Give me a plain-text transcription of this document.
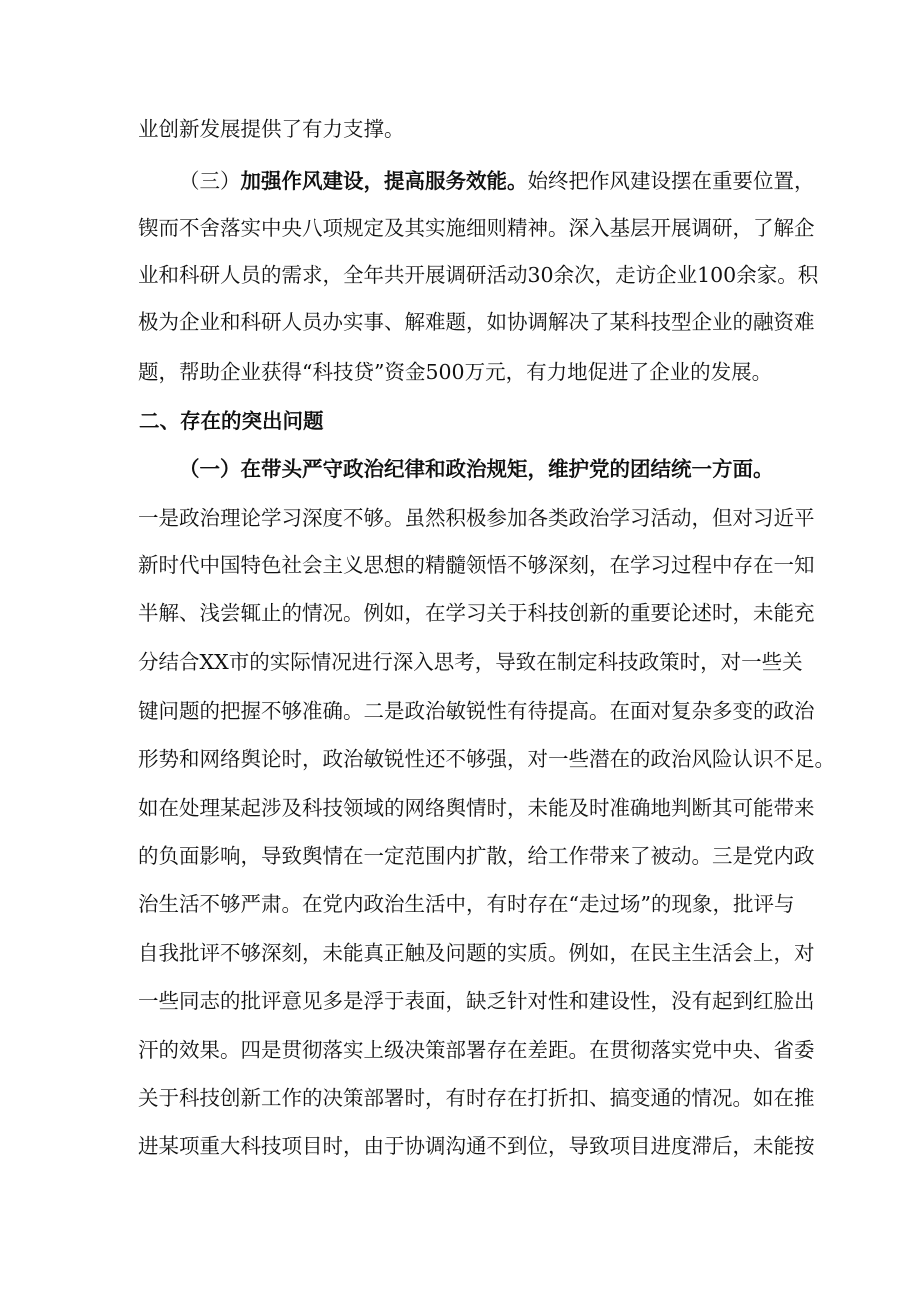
业创新发展提供了有力支撑。
（三）加强作风建设，提高服务效能。始终把作风建设摆在重要位置，
锲而不舍落实中央八项规定及其实施细则精神。深入基层开展调研，了解企
业和科研人员的需求，全年共开展调研活动30余次，走访企业100余家。积
极为企业和科研人员办实事、解难题，如协调解决了某科技型企业的融资难
题，帮助企业获得“科技贷”资金500万元，有力地促进了企业的发展。
二、存在的突出问题
（一）在带头严守政治纪律和政治规矩，维护党的团结统一方面。
一是政治理论学习深度不够。虽然积极参加各类政治学习活动，但对习近平
新时代中国特色社会主义思想的精髓领悟不够深刻，在学习过程中存在一知
半解、浅尝辄止的情况。例如，在学习关于科技创新的重要论述时，未能充
分结合XX市的实际情况进行深入思考，导致在制定科技政策时，对一些关
键问题的把握不够准确。二是政治敏锐性有待提高。在面对复杂多变的政治
形势和网络舆论时，政治敏锐性还不够强，对一些潜在的政治风险认识不足。
如在处理某起涉及科技领域的网络舆情时，未能及时准确地判断其可能带来
的负面影响，导致舆情在一定范围内扩散，给工作带来了被动。三是党内政
治生活不够严肃。在党内政治生活中，有时存在“走过场”的现象，批评与
自我批评不够深刻，未能真正触及问题的实质。例如，在民主生活会上，对
一些同志的批评意见多是浮于表面，缺乏针对性和建设性，没有起到红脸出
汗的效果。四是贯彻落实上级决策部署存在差距。在贯彻落实党中央、省委
关于科技创新工作的决策部署时，有时存在打折扣、搞变通的情况。如在推
进某项重大科技项目时，由于协调沟通不到位，导致项目进度滞后，未能按
